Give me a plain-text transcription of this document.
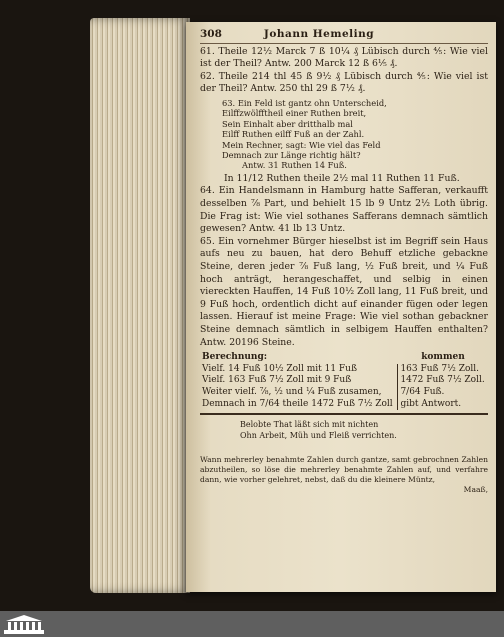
308	Johann Hemeling

61. Theile 12½ Marck 7 ß 10¼ ₰ Lübisch durch ⅘: Wie viel ist der Theil? Antw. 200 Marck 12 ß 6⅕ ₰.

62. Theile 214 thl 45 ß 9½ ₰ Lübisch durch ⅘: Wie viel ist der Theil? Antw. 250 thl 29 ß 7½ ₰.

63. Ein Feld ist gantz ohn Unterscheid,
Eilffzwölfftheil einer Ruthen breit,
Sein Einhalt aber dritthalb mal
Eilff Ruthen eilff Fuß an der Zahl.
Mein Rechner, sagt: Wie viel das Feld
Demnach zur Länge richtig hält?
Antw. 31 Ruthen 14 Fuß.

In 11/12 Ruthen theile 2½ mal 11 Ruthen 11 Fuß.

64. Ein Handelsmann in Hamburg hatte Safferan, verkaufft desselben ⅞ Part, und behielt 15 lb 9 Untz 2½ Loth übrig. Die Frag ist: Wie viel sothanes Safferans demnach sämtlich gewesen? Antw. 41 lb 13 Untz.

65. Ein vornehmer Bürger hieselbst ist im Begriff sein Haus aufs neu zu bauen, hat dero Behuff etzliche gebackne Steine, deren jeder ⅞ Fuß lang, ½ Fuß breit, und ¼ Fuß hoch anträgt, herangeschaffet, und selbig in einen viereckten Hauffen, 14 Fuß 10½ Zoll lang, 11 Fuß breit, und 9 Fuß hoch, ordentlich dicht auf einander fügen oder legen lassen. Hierauf ist meine Frage: Wie viel sothan gebackner Steine demnach sämtlich in selbigem Hauffen enthalten? Antw. 20196 Steine.

Berechnung:	kommen
Vielf. 14 Fuß 10½ Zoll mit 11 Fuß	163 Fuß 7½ Zoll.
Vielf. 163 Fuß 7½ Zoll mit 9 Fuß	1472 Fuß 7½ Zoll.
Weiter vielf. ⅞, ½ und ¼ Fuß zusamen,	7/64 Fuß.
Demnach in 7/64 theile 1472 Fuß 7½ Zoll	gibt Antwort.
Belobte That läßt sich mit nichten
Ohn Arbeit, Müh und Fleiß verrichten.

Wann mehrerley benahmte Zahlen durch gantze, samt gebrochnen Zahlen abzutheilen, so löse die mehrerley benahmte Zahlen auf, und verfahre dann, wie vorher gelehret, nebst, daß du die kleinere Müntz,

Maaß,
